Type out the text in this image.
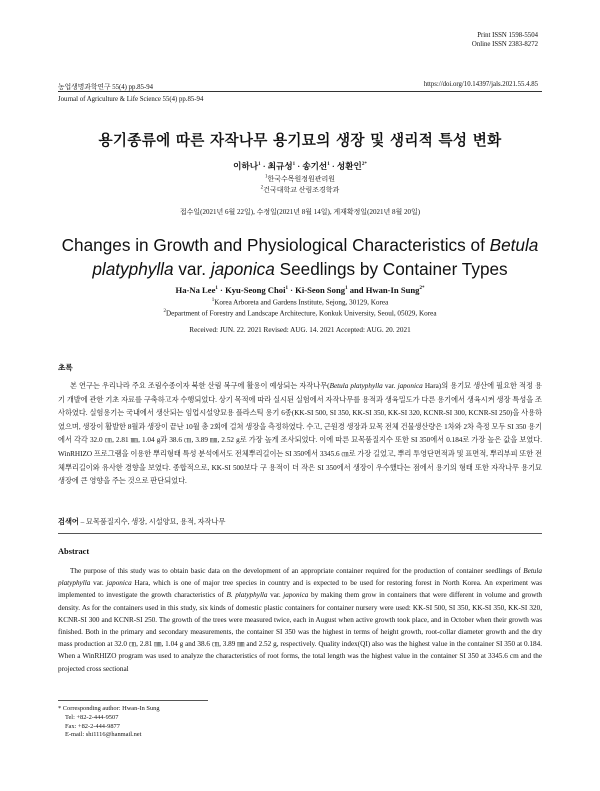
Print ISSN 1598-5504
Online ISSN 2383-8272
농업생명과학연구 55(4) pp.85-94	https://doi.org/10.14397/jals.2021.55.4.85
Journal of Agriculture & Life Science 55(4) pp.85-94
용기종류에 따른 자작나무 용기묘의 생장 및 생리적 특성 변화
이하나$^1$ · 최규성$^1$ · 송기선$^1$ · 성환인$^{2*}$
$^1$한국수목원정원관리원
$^2$건국대학교 산림조경학과
접수일(2021년 6월 22일), 수정일(2021년 8월 14일), 게재확정일(2021년 8월 20일)
Changes in Growth and Physiological Characteristics of Betula
platyphylla var. japonica Seedlings by Container Types
Ha-Na Lee$^1$ · Kyu-Seong Choi$^1$ · Ki-Seon Song$^1$ and Hwan-In Sung$^{2*}$
$^1$Korea Arboreta and Gardens Institute, Sejong, 30129, Korea
$^2$Department of Forestry and Landscape Architecture, Konkuk University, Seoul, 05029, Korea
Received: JUN. 22. 2021 Revised: AUG. 14. 2021 Accepted: AUG. 20. 2021
초록
본 연구는 우리나라 주요 조림수종이자 북한 산림 복구에 활용이 예상되는 자작나무(Betula platyphylla var. japonica Hara)의 용기묘 생산에 필요한 적정 용기 개발에 관한 기초 자료를 구축하고자 수행되었다. 상기 목적에 따라 실시된 실험에서 자작나무를 용적과 생육밀도가 다른 용기에서 생육시켜 생장 특성을 조사하였다. 실험용기는 국내에서 생산되는 임업시설양묘용 플라스틱 용기 6종(KK-SI 500, SI 350, KK-SI 350, KK-SI 320, KCNR-SI 300, KCNR-SI 250)을 사용하였으며, 생장이 활발한 8월과 생장이 끝난 10월 총 2회에 걸쳐 생장을 측정하였다. 수고, 근원경 생장과 묘목 전체 건물생산량은 1차와 2차 측정 모두 SI 350 용기에서 각각 32.0 ㎝, 2.81 ㎜, 1.04 g과 38.6 ㎝, 3.89 ㎜, 2.52 g로 가장 높게 조사되었다. 이에 따른 묘목품질지수 또한 SI 350에서 0.184로 가장 높은 값을 보였다. WinRHIZO 프로그램을 이용한 뿌리형태 특성 분석에서도 전체뿌리길이는 SI 350에서 3345.6 ㎝로 가장 길었고, 뿌리 투영단면적과 및 표면적, 뿌리부피 또한 전체뿌리길이와 유사한 경향을 보였다. 종합적으로, KK-SI 500보다 구 용적이 더 작은 SI 350에서 생장이 우수했다는 점에서 용기의 형태 또한 자작나무 용기묘 생장에 큰 영향을 주는 것으로 판단되었다.
검색어 – 묘목품질지수, 생장, 시설양묘, 용적, 자작나무
Abstract
The purpose of this study was to obtain basic data on the development of an appropriate container required for the production of container seedlings of Betula platyphylla var. japonica Hara, which is one of major tree species in country and is expected to be used for restoring forest in North Korea. An experiment was implemented to investigate the growth characteristics of B. platyphylla var. japonica by making them grow in containers that were different in volume and growth density. As for the containers used in this study, six kinds of domestic plastic containers for container nursery were used: KK-SI 500, SI 350, KK-SI 350, KK-SI 320, KCNR-SI 300 and KCNR-SI 250. The growth of the trees were measured twice, each in August when active growth took place, and in October when their growth was finished. Both in the primary and secondary measurements, the container SI 350 was the highest in terms of height growth, root-collar diameter growth and the dry mass production at 32.0 ㎝, 2.81 ㎜, 1.04 g and 38.6 ㎝, 3.89 ㎜ and 2.52 g, respectively. Quality index(QI) also was the highest value in the container SI 350 at 0.184. When a WinRHIZO program was used to analyze the characteristics of root forms, the total length was the highest value in the container SI 350 at 3345.6 cm and the projected cross sectional
* Corresponding author: Hwan-In Sung
Tel: +82-2-444-9507
Fax: +82-2-444-9877
E-mail: shi1116@hanmail.net
